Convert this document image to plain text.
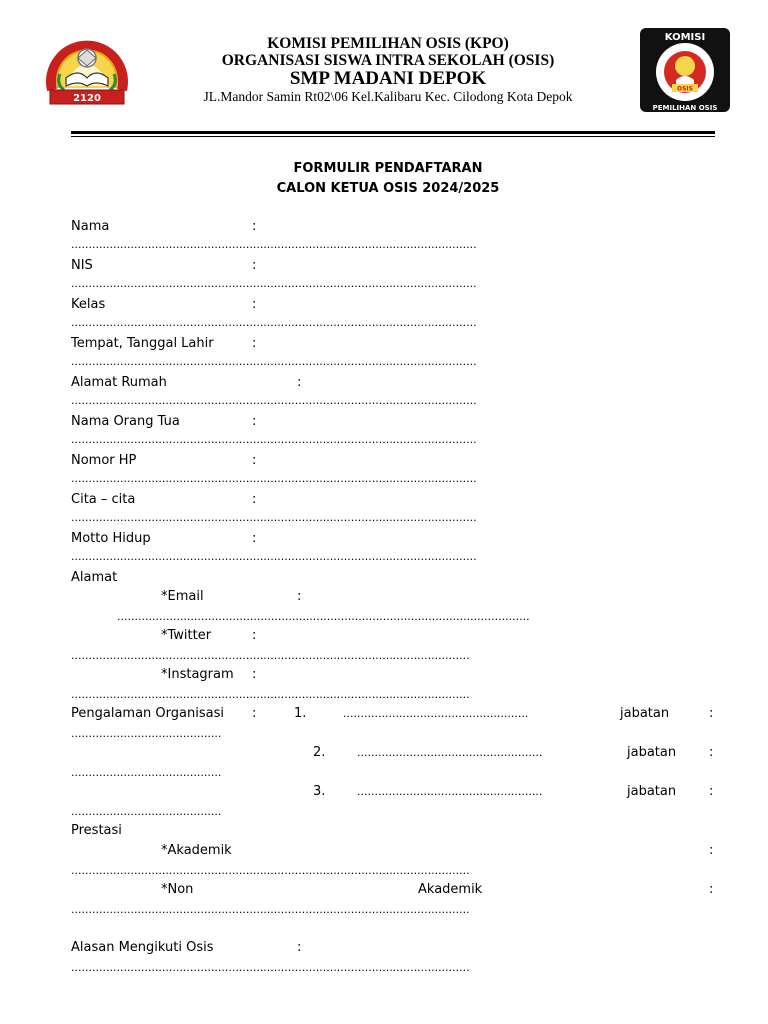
2120
OSIS
KOMISI
PEMILIHAN OSIS
KOMISI PEMILIHAN OSIS (KPO)
ORGANISASI SISWA INTRA SEKOLAH (OSIS)
SMP MADANI DEPOK
JL.Mandor Samin Rt02\06 Kel.Kalibaru Kec. Cilodong Kota Depok
FORMULIR PENDAFTARAN
CALON KETUA OSIS 2024/2025
Nama	:
....................................................................................................................
NIS	:
....................................................................................................................
Kelas	:
....................................................................................................................
Tempat, Tanggal Lahir	:
....................................................................................................................
Alamat Rumah	:
....................................................................................................................
Nama Orang Tua	:
....................................................................................................................
Nomor HP	:
....................................................................................................................
Cita – cita	:
....................................................................................................................
Motto Hidup	:
....................................................................................................................
Alamat
*Email	:
......................................................................................................................
*Twitter	:
..................................................................................................................
*Instagram :
..................................................................................................................
Pengalaman Organisasi :	1.	.....................................................	jabatan	:
...........................................
2.	.....................................................	jabatan	:
...........................................
3.	.....................................................	jabatan	:
...........................................
Prestasi
*Akademik	:
..................................................................................................................
*Non	Akademik	:
..................................................................................................................
Alasan Mengikuti Osis	:
..................................................................................................................
